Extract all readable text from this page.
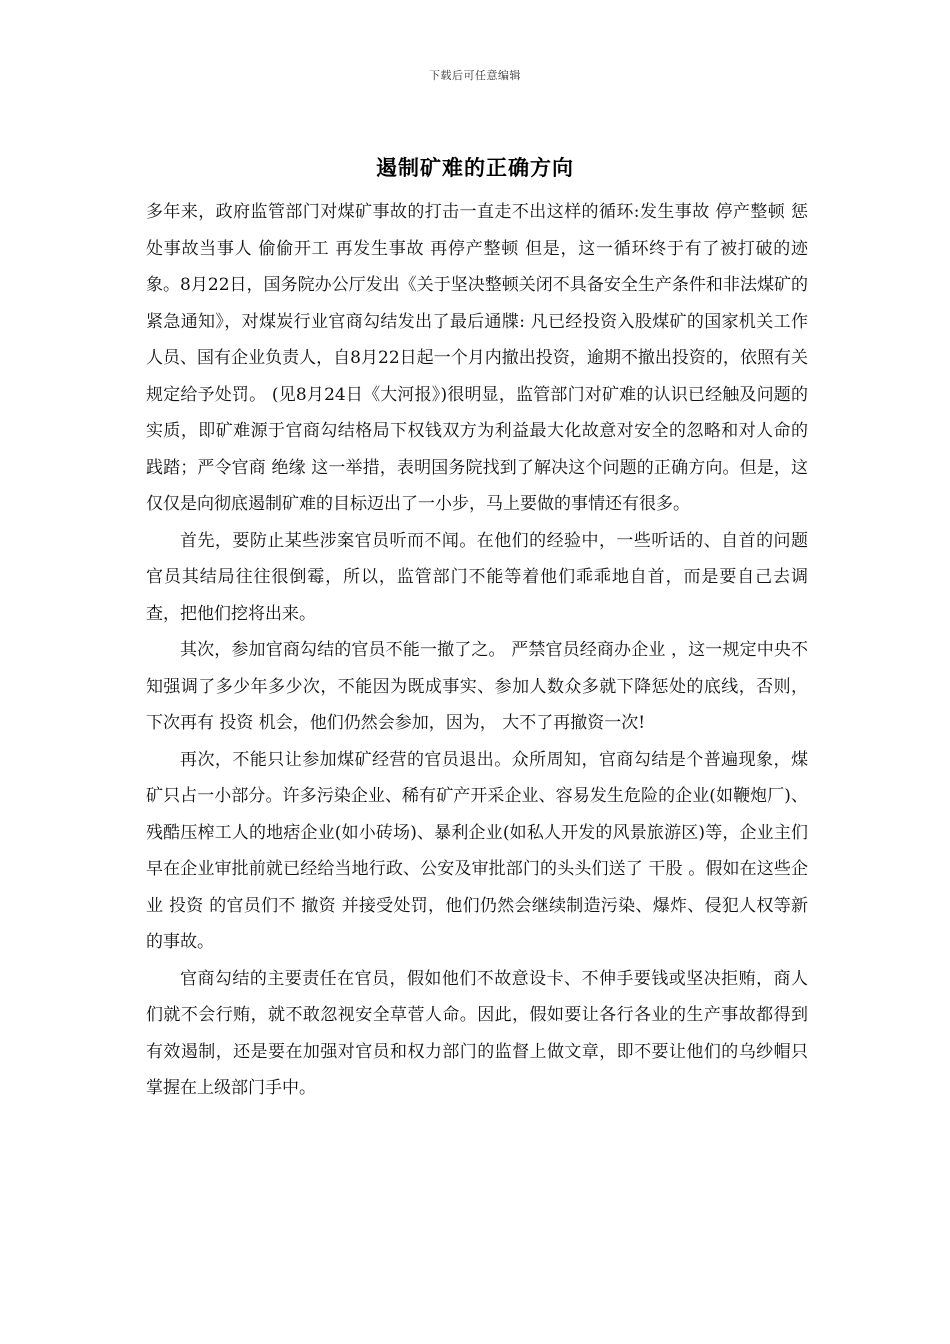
下载后可任意编辑
遏制矿难的正确方向

多年来，政府监管部门对煤矿事故的打击一直走不出这样的循环:发生事故 停产整顿 惩处事故当事人 偷偷开工 再发生事故 再停产整顿 但是，这一循环终于有了被打破的迹象。8月22日，国务院办公厅发出《关于坚决整顿关闭不具备安全生产条件和非法煤矿的紧急通知》，对煤炭行业官商勾结发出了最后通牒: 凡已经投资入股煤矿的国家机关工作人员、国有企业负责人，自8月22日起一个月内撤出投资，逾期不撤出投资的，依照有关规定给予处罚。 (见8月24日《大河报》)很明显，监管部门对矿难的认识已经触及问题的实质，即矿难源于官商勾结格局下权钱双方为利益最大化故意对安全的忽略和对人命的践踏；严令官商 绝缘 这一举措，表明国务院找到了解决这个问题的正确方向。但是，这仅仅是向彻底遏制矿难的目标迈出了一小步，马上要做的事情还有很多。

首先，要防止某些涉案官员听而不闻。在他们的经验中，一些听话的、自首的问题官员其结局往往很倒霉，所以，监管部门不能等着他们乖乖地自首，而是要自己去调查，把他们挖将出来。

其次，参加官商勾结的官员不能一撤了之。 严禁官员经商办企业 ，这一规定中央不知强调了多少年多少次，不能因为既成事实、参加人数众多就下降惩处的底线，否则，下次再有 投资 机会，他们仍然会参加，因为， 大不了再撤资一次!

再次，不能只让参加煤矿经营的官员退出。众所周知，官商勾结是个普遍现象，煤矿只占一小部分。许多污染企业、稀有矿产开采企业、容易发生危险的企业(如鞭炮厂)、残酷压榨工人的地痞企业(如小砖场)、暴利企业(如私人开发的风景旅游区)等，企业主们早在企业审批前就已经给当地行政、公安及审批部门的头头们送了 干股 。假如在这些企业 投资 的官员们不 撤资 并接受处罚，他们仍然会继续制造污染、爆炸、侵犯人权等新的事故。

官商勾结的主要责任在官员，假如他们不故意设卡、不伸手要钱或坚决拒贿，商人们就不会行贿，就不敢忽视安全草菅人命。因此，假如要让各行各业的生产事故都得到有效遏制，还是要在加强对官员和权力部门的监督上做文章，即不要让他们的乌纱帽只掌握在上级部门手中。
